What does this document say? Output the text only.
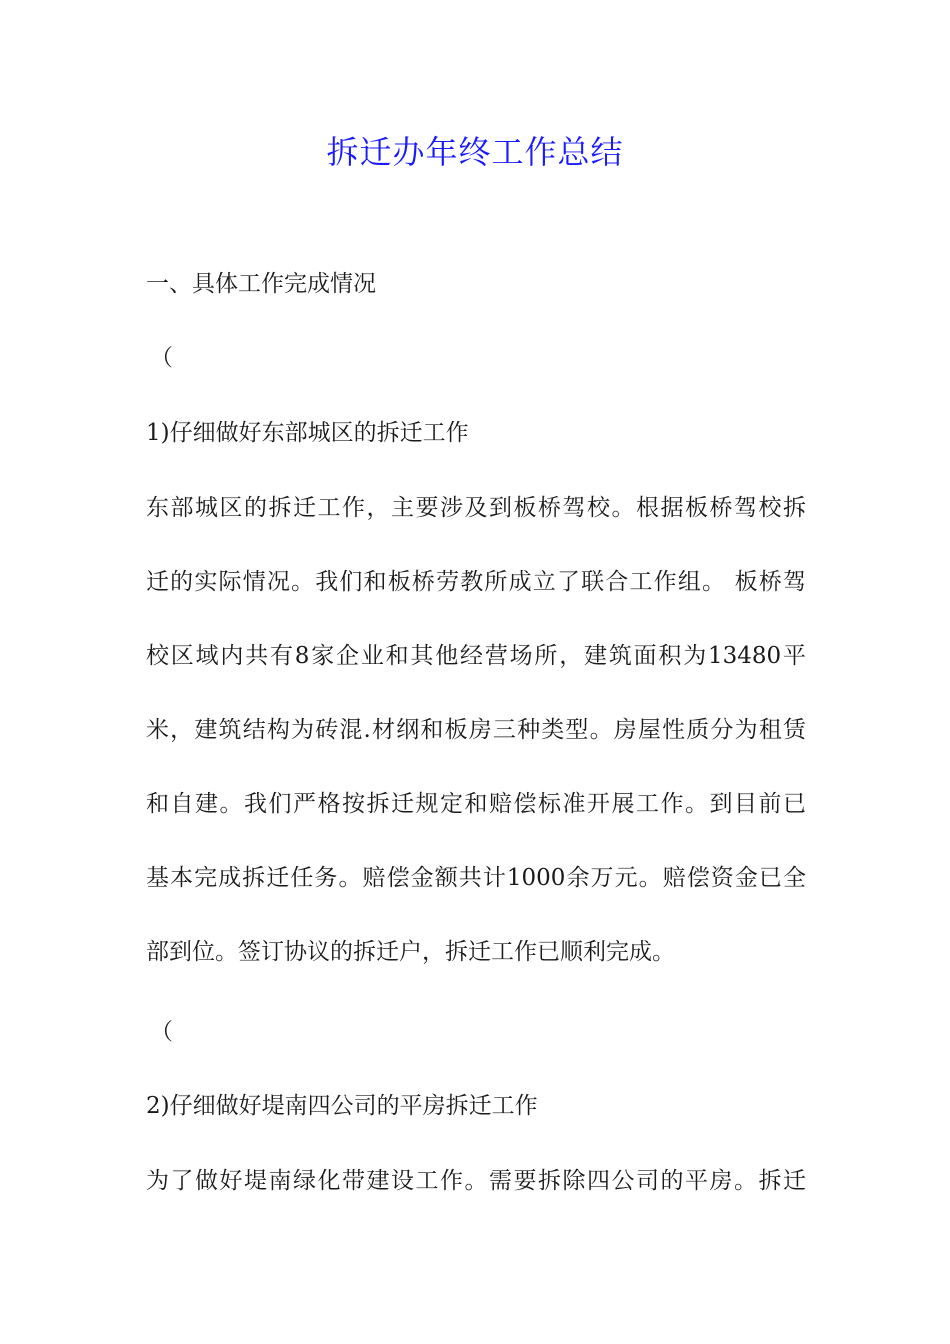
拆迁办年终工作总结
一、具体工作完成情况
（
1)仔细做好东部城区的拆迁工作
东部城区的拆迁工作，主要涉及到板桥驾校。根据板桥驾校拆
迁的实际情况。我们和板桥劳教所成立了联合工作组。 板桥驾
校区域内共有8家企业和其他经营场所，建筑面积为13480平
米，建筑结构为砖混.材纲和板房三种类型。房屋性质分为租赁
和自建。我们严格按拆迁规定和赔偿标准开展工作。到目前已
基本完成拆迁任务。赔偿金额共计1000余万元。赔偿资金已全
部到位。签订协议的拆迁户，拆迁工作已顺利完成。
（
2)仔细做好堤南四公司的平房拆迁工作
为了做好堤南绿化带建设工作。需要拆除四公司的平房。拆迁
